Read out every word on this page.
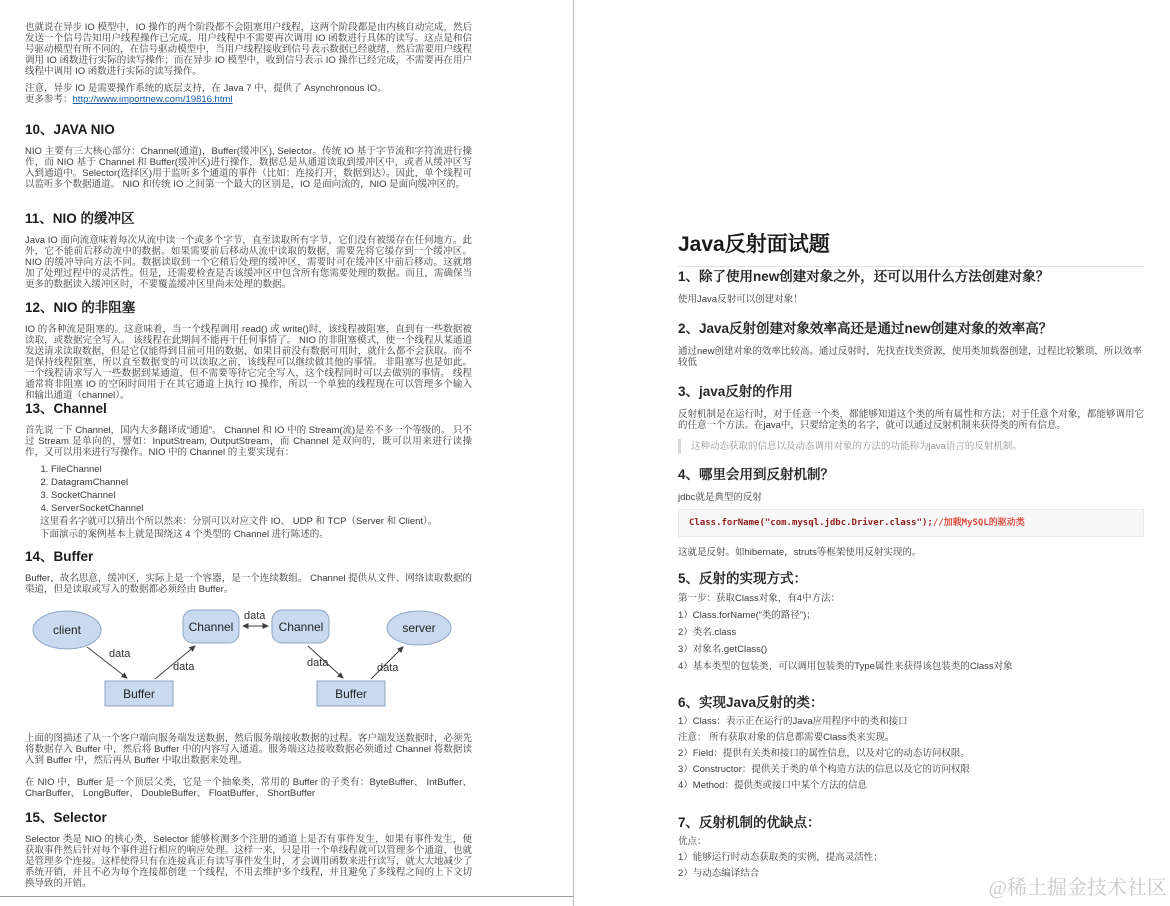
也就说在异步 IO 模型中，IO 操作的两个阶段都不会阻塞用户线程，这两个阶段都是由内核自动完成，然后发送一个信号告知用户线程操作已完成。用户线程中不需要再次调用 IO 函数进行具体的读写。这点是和信号驱动模型有所不同的，在信号驱动模型中，当用户线程接收到信号表示数据已经就绪，然后需要用户线程调用 IO 函数进行实际的读写操作；而在异步 IO 模型中，收到信号表示 IO 操作已经完成，不需要再在用户线程中调用 IO 函数进行实际的读写操作。

注意，异步 IO 是需要操作系统的底层支持，在 Java 7 中，提供了 Asynchronous IO。

更多参考：http://www.importnew.com/19816.html

10、JAVA NIO

NIO 主要有三大核心部分：Channel(通道)，Buffer(缓冲区), Selector。传统 IO 基于字节流和字符流进行操作，而 NIO 基于 Channel 和 Buffer(缓冲区)进行操作，数据总是从通道读取到缓冲区中，或者从缓冲区写入到通道中。Selector(选择区)用于监听多个通道的事件（比如：连接打开，数据到达）。因此，单个线程可以监听多个数据通道。 NIO 和传统 IO 之间第一个最大的区别是，IO 是面向流的，NIO 是面向缓冲区的。

11、NIO 的缓冲区

Java IO 面向流意味着每次从流中读一个或多个字节，直至读取所有字节，它们没有被缓存在任何地方。此外，它不能前后移动流中的数据。如果需要前后移动从流中读取的数据，需要先将它缓存到一个缓冲区。 NIO 的缓冲导向方法不同。数据读取到一个它稍后处理的缓冲区，需要时可在缓冲区中前后移动。这就增加了处理过程中的灵活性。但是，还需要检查是否该缓冲区中包含所有您需要处理的数据。而且，需确保当更多的数据读入缓冲区时，不要覆盖缓冲区里尚未处理的数据。

12、NIO 的非阻塞

IO 的各种流是阻塞的。这意味着，当一个线程调用 read() 或 write()时，该线程被阻塞，直到有一些数据被读取，或数据完全写入。 该线程在此期间不能再干任何事情了。 NIO 的非阻塞模式，使一个线程从某通道发送请求读取数据，但是它仅能得到目前可用的数据，如果目前没有数据可用时，就什么都不会获取。而不是保持线程阻塞，所以直至数据变的可以读取之前，该线程可以继续做其他的事情。 非阻塞写也是如此。一个线程请求写入一些数据到某通道，但不需要等待它完全写入，这个线程同时可以去做别的事情。 线程通常将非阻塞 IO 的空闲时间用于在其它通道上执行 IO 操作，所以一个单独的线程现在可以管理多个输入和输出通道（channel）。

13、Channel

首先说一下 Channel，国内大多翻译成“通道”。 Channel 和 IO 中的 Stream(流)是差不多一个等级的。 只不过 Stream 是单向的，譬如：InputStream, OutputStream，而 Channel 是双向的，既可以用来进行读操作，又可以用来进行写操作。NIO 中的 Channel 的主要实现有：

1. FileChannel
2. DatagramChannel
3. SocketChannel
4. ServerSocketChannel

这里看名字就可以猜出个所以然来：分别可以对应文件 IO、 UDP 和 TCP（Server 和 Client）。

下面演示的案例基本上就是围绕这 4 个类型的 Channel 进行陈述的。

14、Buffer

Buffer，故名思意，缓冲区，实际上是一个容器，是一个连续数组。 Channel 提供从文件、网络读取数据的渠道，但是读取或写入的数据都必须经由 Buffer。

client	Channel	Channel	server
Buffer	Buffer
data
data
data
data	data

上面的图描述了从一个客户端向服务端发送数据，然后服务端接收数据的过程。客户端发送数据时，必须先将数据存入 Buffer 中，然后将 Buffer 中的内容写入通道。服务端这边接收数据必须通过 Channel 将数据读入到 Buffer 中，然后再从 Buffer 中取出数据来处理。

在 NIO 中，Buffer 是一个顶层父类，它是一个抽象类，常用的 Buffer 的子类有：ByteBuffer、 IntBuffer、 CharBuffer、 LongBuffer、 DoubleBuffer、 FloatBuffer、 ShortBuffer

15、Selector

Selector 类是 NIO 的核心类，Selector 能够检测多个注册的通道上是否有事件发生，如果有事件发生，便获取事件然后针对每个事件进行相应的响应处理。这样一来，只是用一个单线程就可以管理多个通道，也就是管理多个连接。这样使得只有在连接真正有读写事件发生时，才会调用函数来进行读写，就大大地减少了系统开销，并且不必为每个连接都创建一个线程，不用去维护多个线程，并且避免了多线程之间的上下文切换导致的开销。

Java反射面试题
1、除了使用new创建对象之外，还可以用什么方法创建对象？

使用Java反射可以创建对象！

2、Java反射创建对象效率高还是通过new创建对象的效率高？

通过new创建对象的效率比较高。通过反射时，先找查找类资源，使用类加载器创建，过程比较繁琐，所以效率较低

3、java反射的作用

反射机制是在运行时，对于任意一个类，都能够知道这个类的所有属性和方法；对于任意个对象，都能够调用它的任意一个方法。在java中，只要给定类的名字，就可以通过反射机制来获得类的所有信息。

这种动态获取的信息以及动态调用对象的方法的功能称为java语言的反射机制。
4、哪里会用到反射机制？

jdbc就是典型的反射

Class.forName("com.mysql.jdbc.Driver.class");//加载MySQL的驱动类

这就是反射。如hibernate，struts等框架使用反射实现的。

5、反射的实现方式：

第一步：获取Class对象，有4中方法：

1）Class.forName(“类的路径”)；

2）类名.class

3）对象名.getClass()

4）基本类型的包装类，可以调用包装类的Type属性来获得该包装类的Class对象

6、实现Java反射的类：

1）Class：表示正在运行的Java应用程序中的类和接口

注意： 所有获取对象的信息都需要Class类来实现。

2）Field：提供有关类和接口的属性信息，以及对它的动态访问权限。

3）Constructor：提供关于类的单个构造方法的信息以及它的访问权限

4）Method：提供类或接口中某个方法的信息

7、反射机制的优缺点：

优点：

1）能够运行时动态获取类的实例，提高灵活性；

2）与动态编译结合

@稀土掘金技术社区
